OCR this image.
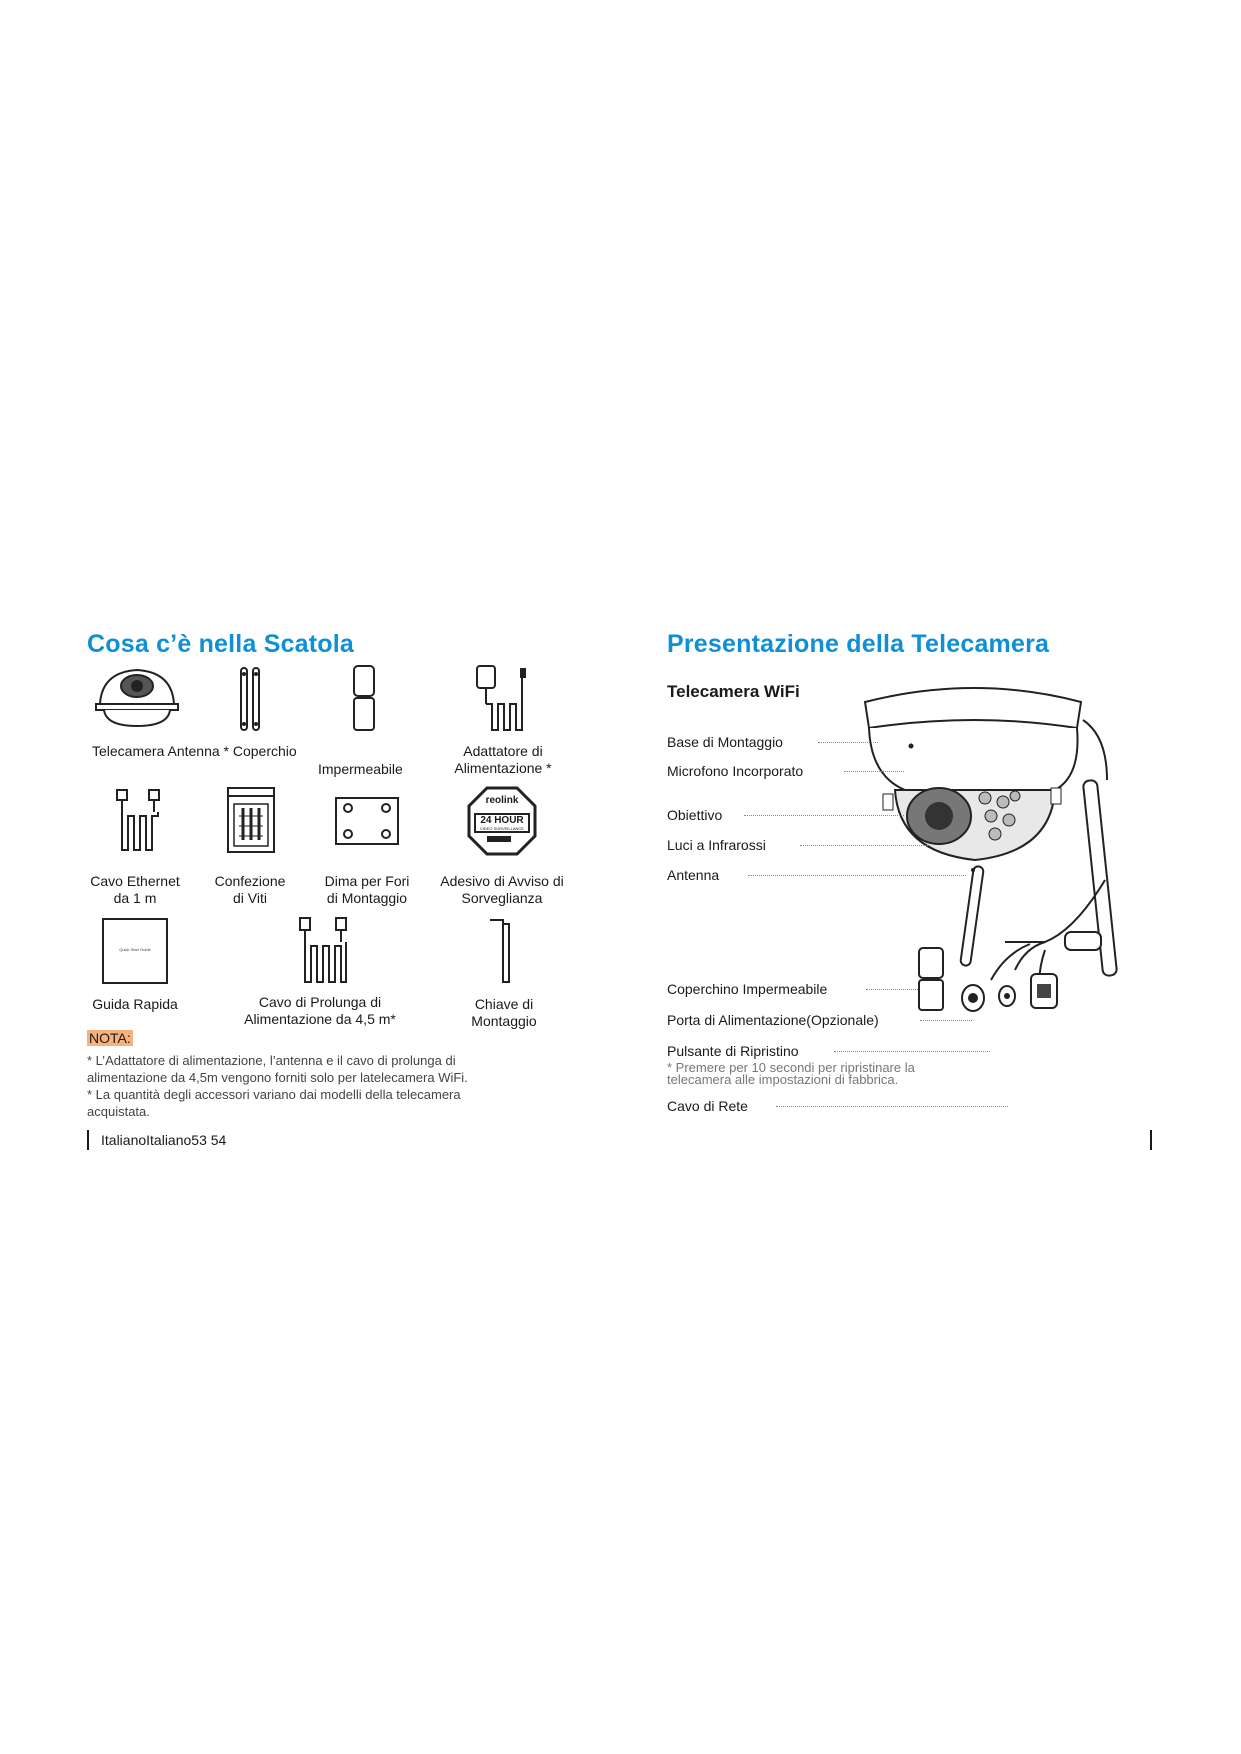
Cosa c’è nella Scatola
Telecamera Antenna * Coperchio
Impermeabile
Adattatore di
Alimentazione *
reolink
24 HOUR
VIDEO SURVEILLANCE
Cavo Ethernet
da 1 m
Confezione
di Viti
Dima per Fori
di Montaggio
Adesivo di Avviso di
Sorveglianza
Quick Start Guide
Guida Rapida	Cavo di Prolunga di
Alimentazione da 4,5 m*
Chiave di
Montaggio
NOTA:
* L’Adattatore di alimentazione, l’antenna e il cavo di prolunga di
alimentazione da 4,5m vengono forniti solo per latelecamera WiFi.
* La quantità degli accessori variano dai modelli della telecamera
acquistata.
ItalianoItaliano53 54
Presentazione della Telecamera
Telecamera WiFi
Base di Montaggio
Microfono Incorporato
Obiettivo
Luci a Infrarossi
Antenna
Coperchino Impermeabile
Porta di Alimentazione(Opzionale)
Pulsante di Ripristino
* Premere per 10 secondi per ripristinare la
telecamera alle impostazioni di fabbrica.
Cavo di Rete
